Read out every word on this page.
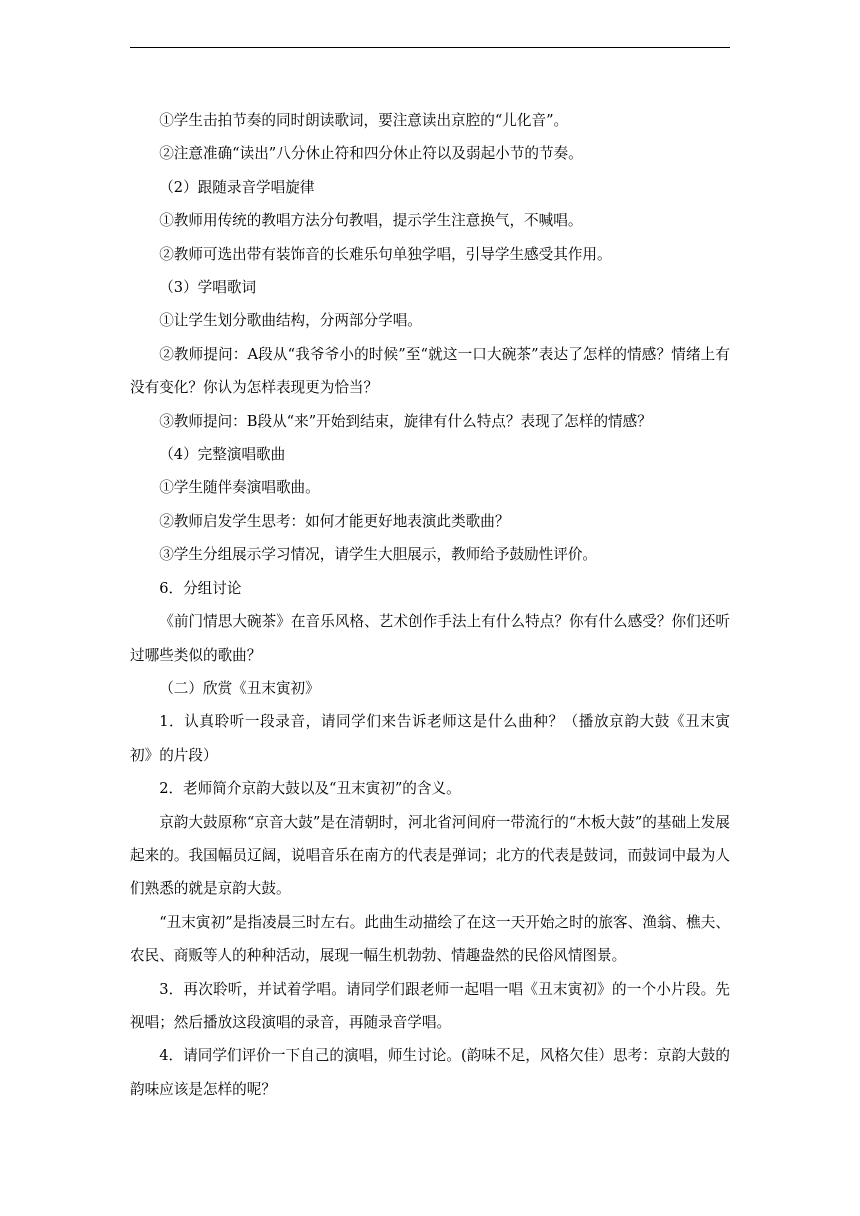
①学生击拍节奏的同时朗读歌词，要注意读出京腔的“儿化音”。

②注意准确“读出”八分休止符和四分休止符以及弱起小节的节奏。

（2）跟随录音学唱旋律

①教师用传统的教唱方法分句教唱，提示学生注意换气，不喊唱。

②教师可选出带有装饰音的长难乐句单独学唱，引导学生感受其作用。

（3）学唱歌词

①让学生划分歌曲结构，分两部分学唱。

②教师提问：A段从“我爷爷小的时候”至“就这一口大碗茶”表达了怎样的情感？情绪上有没有变化？你认为怎样表现更为恰当？

③教师提问：B段从“来”开始到结束，旋律有什么特点？表现了怎样的情感？

（4）完整演唱歌曲

①学生随伴奏演唱歌曲。

②教师启发学生思考：如何才能更好地表演此类歌曲？

③学生分组展示学习情况，请学生大胆展示，教师给予鼓励性评价。

6．分组讨论

《前门情思大碗茶》在音乐风格、艺术创作手法上有什么特点？你有什么感受？你们还听过哪些类似的歌曲？

（二）欣赏《丑末寅初》

1．认真聆听一段录音，请同学们来告诉老师这是什么曲种？（播放京韵大鼓《丑末寅初》的片段）

2．老师简介京韵大鼓以及“丑末寅初”的含义。

京韵大鼓原称“京音大鼓”是在清朝时，河北省河间府一带流行的“木板大鼓”的基础上发展起来的。我国幅员辽阔，说唱音乐在南方的代表是弹词；北方的代表是鼓词，而鼓词中最为人们熟悉的就是京韵大鼓。

“丑末寅初”是指凌晨三时左右。此曲生动描绘了在这一天开始之时的旅客、渔翁、樵夫、农民、商贩等人的种种活动，展现一幅生机勃勃、情趣盎然的民俗风情图景。

3．再次聆听，并试着学唱。请同学们跟老师一起唱一唱《丑末寅初》的一个小片段。先视唱；然后播放这段演唱的录音，再随录音学唱。

4．请同学们评价一下自己的演唱，师生讨论。(韵味不足，风格欠佳）思考：京韵大鼓的韵味应该是怎样的呢？
